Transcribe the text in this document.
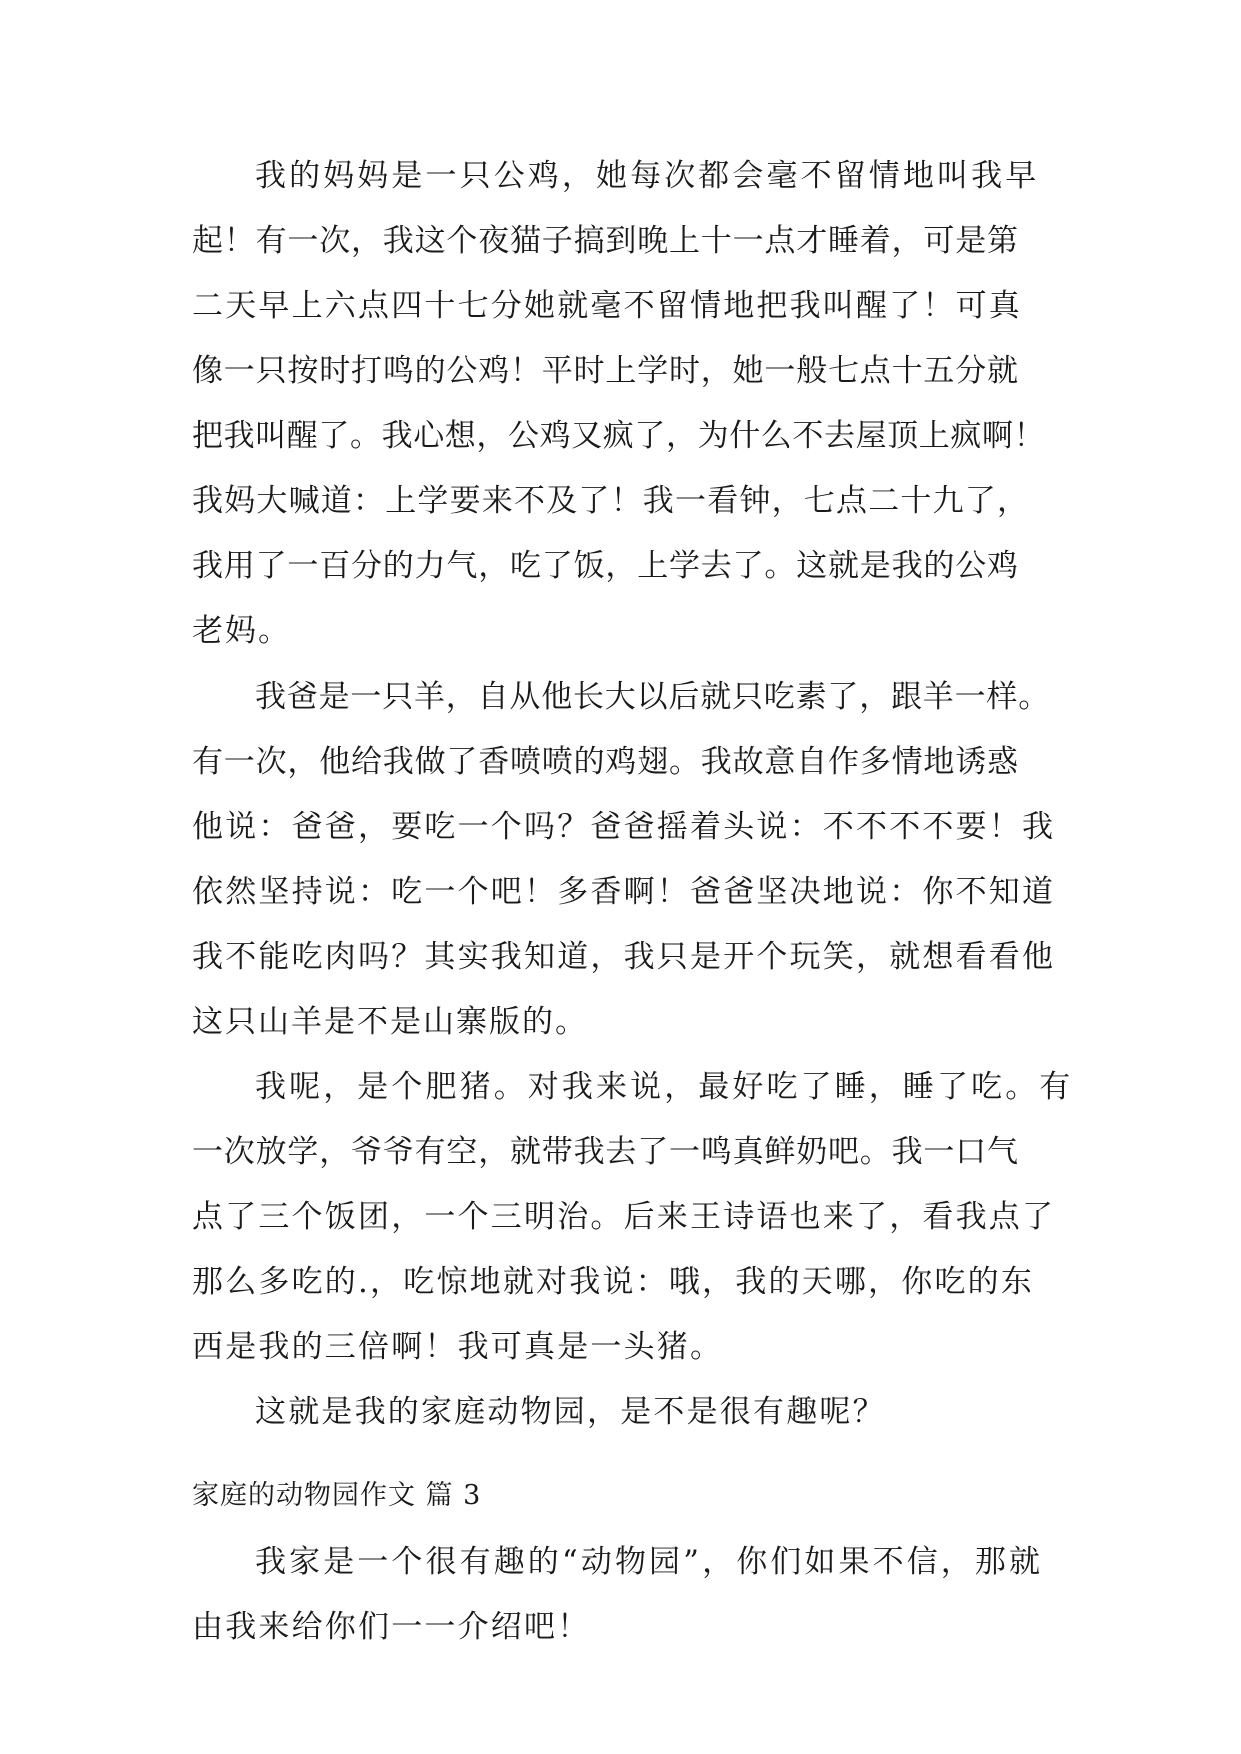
我的妈妈是一只公鸡，她每次都会毫不留情地叫我早
起！有一次，我这个夜猫子搞到晚上十一点才睡着，可是第
二天早上六点四十七分她就毫不留情地把我叫醒了！可真
像一只按时打鸣的公鸡！平时上学时，她一般七点十五分就
把我叫醒了。我心想，公鸡又疯了，为什么不去屋顶上疯啊！
我妈大喊道：上学要来不及了！我一看钟，七点二十九了，
我用了一百分的力气，吃了饭，上学去了。这就是我的公鸡
老妈。
我爸是一只羊，自从他长大以后就只吃素了，跟羊一样。
有一次，他给我做了香喷喷的鸡翅。我故意自作多情地诱惑
他说：爸爸，要吃一个吗？爸爸摇着头说：不不不不要！我
依然坚持说：吃一个吧！多香啊！爸爸坚决地说：你不知道
我不能吃肉吗？其实我知道，我只是开个玩笑，就想看看他
这只山羊是不是山寨版的。
我呢，是个肥猪。对我来说，最好吃了睡，睡了吃。有
一次放学，爷爷有空，就带我去了一鸣真鲜奶吧。我一口气
点了三个饭团，一个三明治。后来王诗语也来了，看我点了
那么多吃的.，吃惊地就对我说：哦，我的天哪，你吃的东
西是我的三倍啊！我可真是一头猪。
这就是我的家庭动物园，是不是很有趣呢？
家庭的动物园作文 篇 3
我家是一个很有趣的“动物园”，你们如果不信，那就
由我来给你们一一介绍吧！
